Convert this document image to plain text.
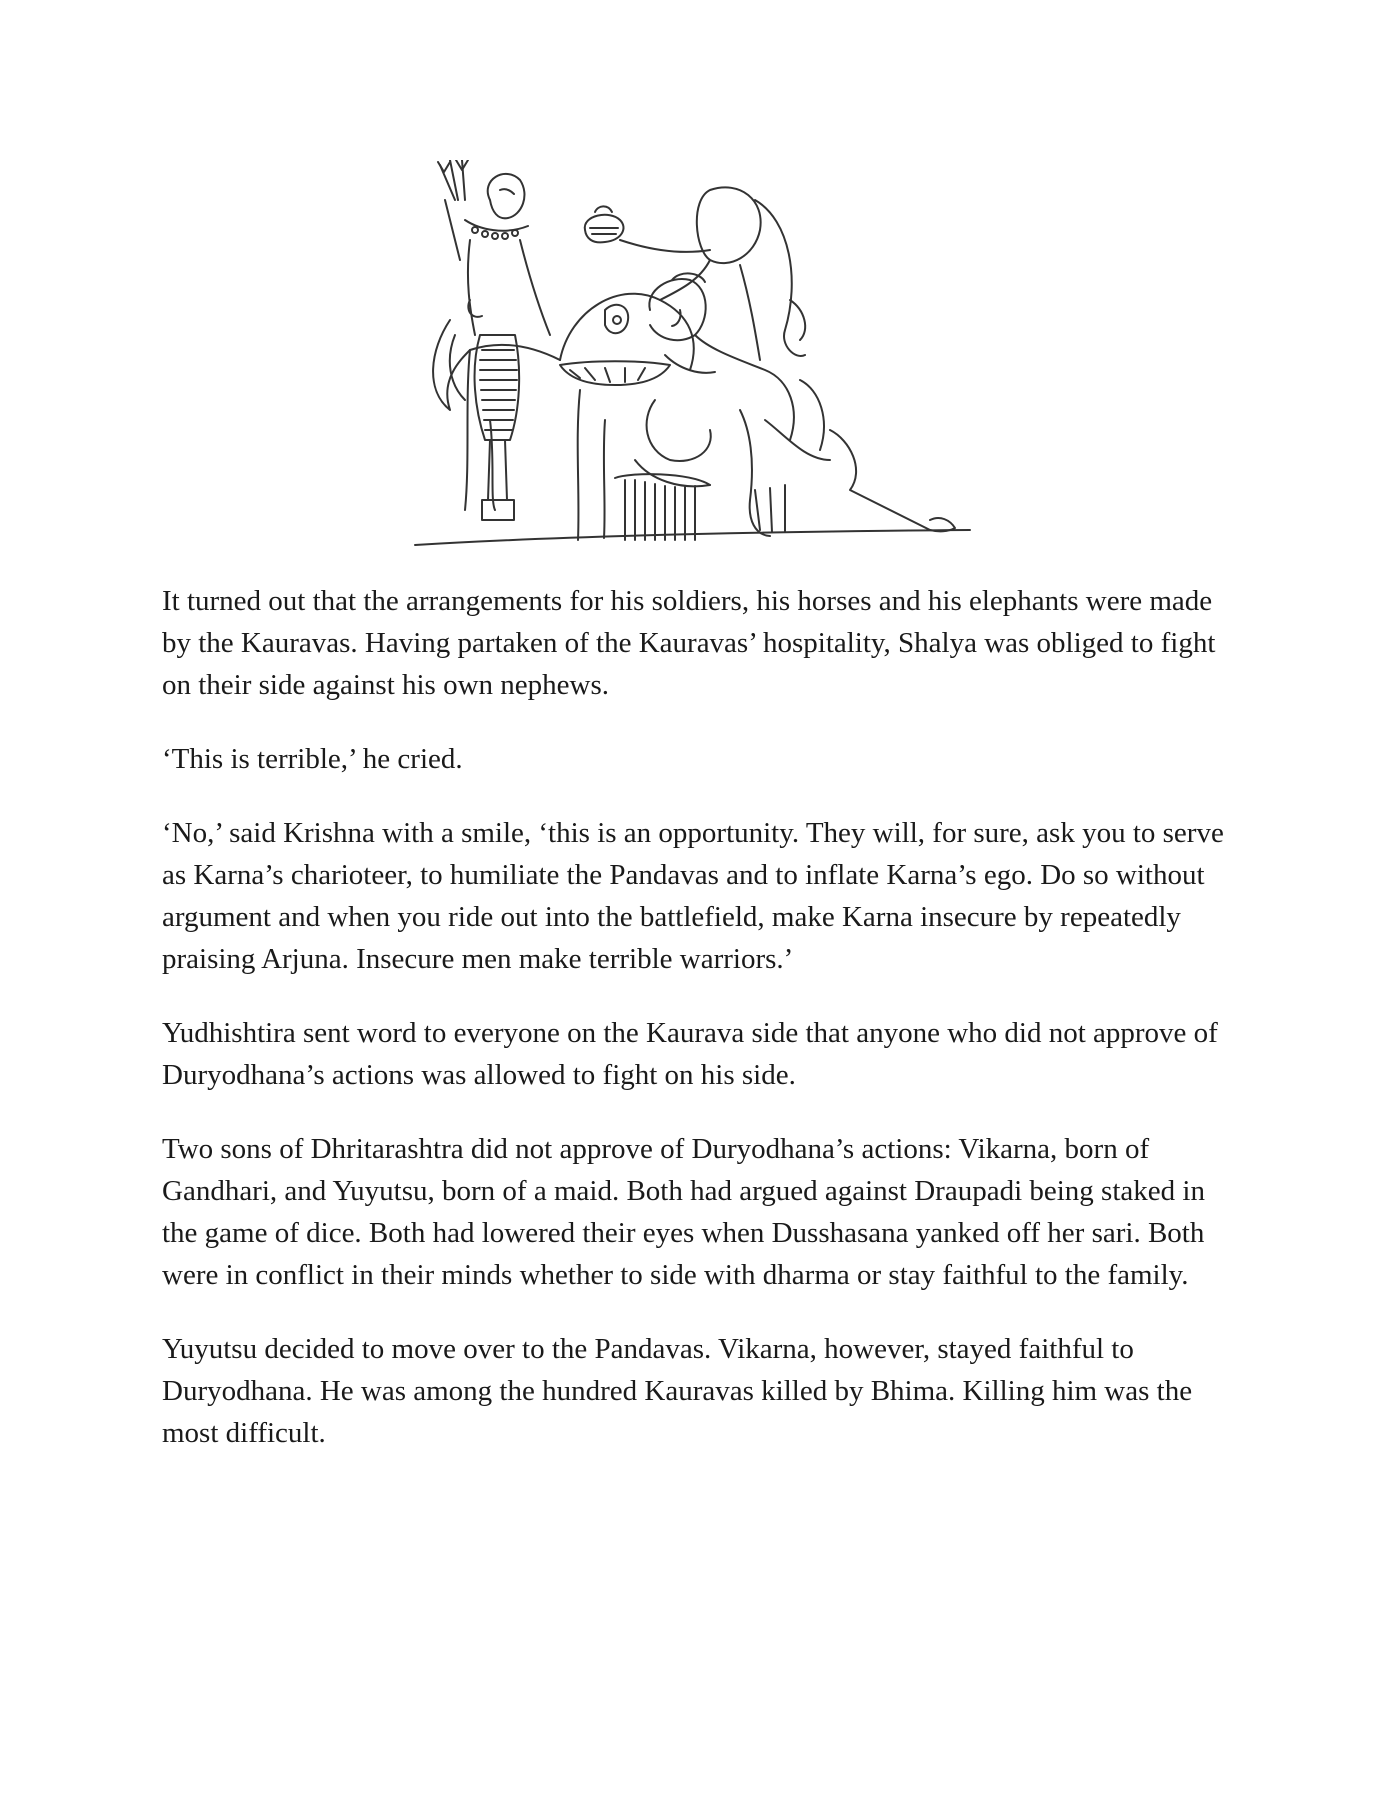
It turned out that the arrangements for his soldiers, his horses and his elephants were made by the Kauravas. Having partaken of the Kauravas’ hospitality, Shalya was obliged to fight on their side against his own nephews.

‘This is terrible,’ he cried.

‘No,’ said Krishna with a smile, ‘this is an opportunity. They will, for sure, ask you to serve as Karna’s charioteer, to humiliate the Pandavas and to inflate Karna’s ego. Do so without argument and when you ride out into the battlefield, make Karna insecure by repeatedly praising Arjuna. Insecure men make terrible warriors.’

Yudhishtira sent word to everyone on the Kaurava side that anyone who did not approve of Duryodhana’s actions was allowed to fight on his side.

Two sons of Dhritarashtra did not approve of Duryodhana’s actions: Vikarna, born of Gandhari, and Yuyutsu, born of a maid. Both had argued against Draupadi being staked in the game of dice. Both had lowered their eyes when Dusshasana yanked off her sari. Both were in conflict in their minds whether to side with dharma or stay faithful to the family.

Yuyutsu decided to move over to the Pandavas. Vikarna, however, stayed faithful to Duryodhana. He was among the hundred Kauravas killed by Bhima. Killing him was the most difficult.
